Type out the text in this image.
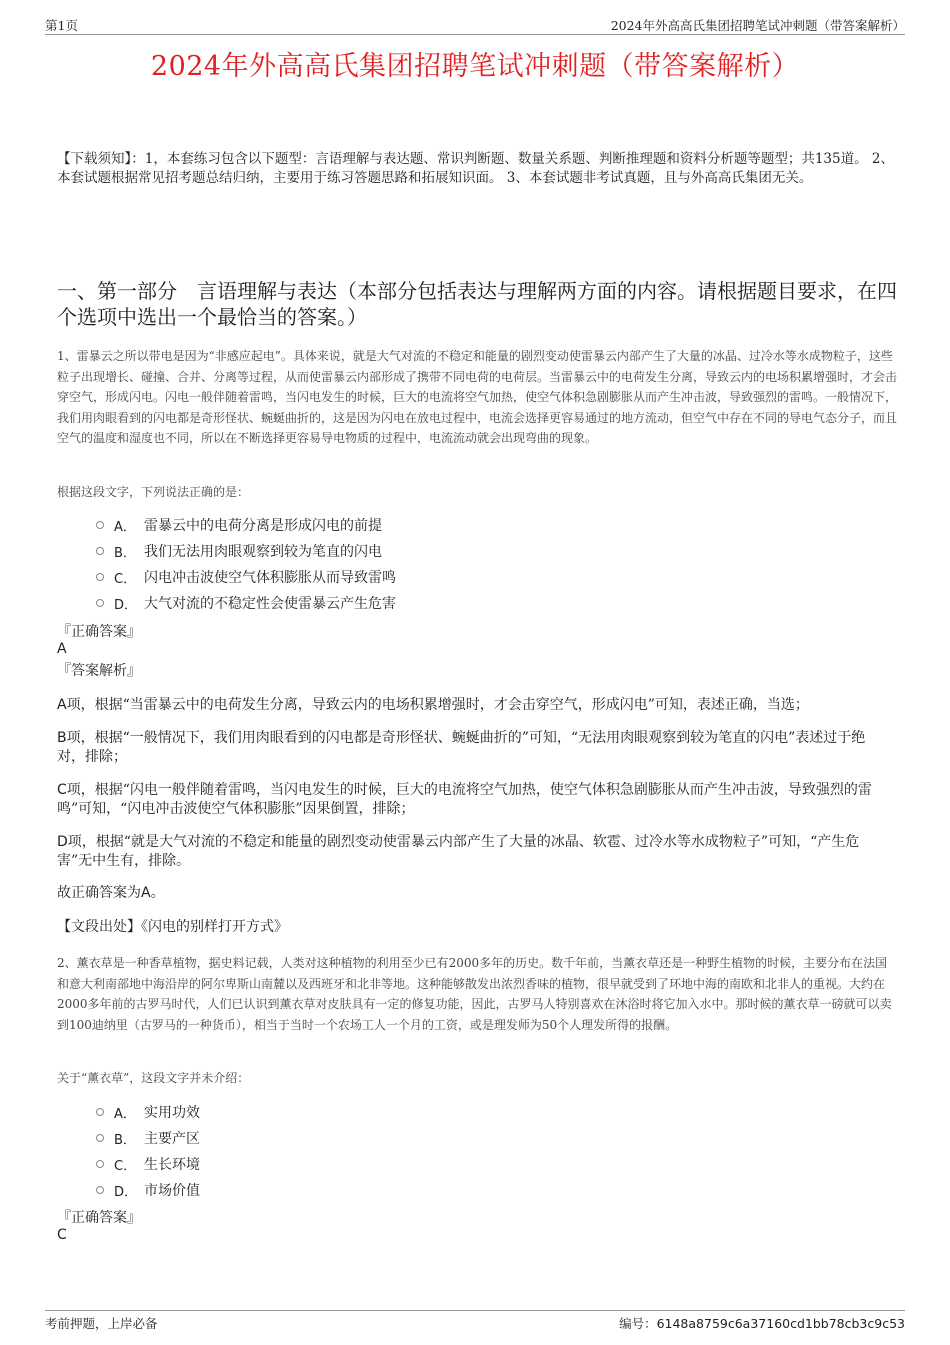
第1页	2024年外高高氏集团招聘笔试冲刺题（带答案解析）
2024年外高高氏集团招聘笔试冲刺题（带答案解析）
【下载须知】：1，本套练习包含以下题型：言语理解与表达题、常识判断题、数量关系题、判断推理题和资料分析题等题型；共135道。 2、本套试题根据常见招考题总结归纳，主要用于练习答题思路和拓展知识面。 3、本套试题非考试真题，且与外高高氏集团无关。
一、第一部分　言语理解与表达（本部分包括表达与理解两方面的内容。请根据题目要求，在四个选项中选出一个最恰当的答案。）
1、雷暴云之所以带电是因为“非感应起电”。具体来说，就是大气对流的不稳定和能量的剧烈变动使雷暴云内部产生了大量的冰晶、过冷水等水成物粒子，这些粒子出现增长、碰撞、合并、分离等过程，从而使雷暴云内部形成了携带不同电荷的电荷层。当雷暴云中的电荷发生分离，导致云内的电场积累增强时，才会击穿空气，形成闪电。闪电一般伴随着雷鸣，当闪电发生的时候，巨大的电流将空气加热，使空气体积急剧膨胀从而产生冲击波，导致强烈的雷鸣。一般情况下，我们用肉眼看到的闪电都是奇形怪状、蜿蜒曲折的，这是因为闪电在放电过程中，电流会选择更容易通过的地方流动，但空气中存在不同的导电气态分子，而且空气的温度和湿度也不同，所以在不断选择更容易导电物质的过程中，电流流动就会出现弯曲的现象。
根据这段文字，下列说法正确的是：
A． 雷暴云中的电荷分离是形成闪电的前提
B． 我们无法用肉眼观察到较为笔直的闪电
C． 闪电冲击波使空气体积膨胀从而导致雷鸣
D． 大气对流的不稳定性会使雷暴云产生危害
『正确答案』
A
『答案解析』
A项，根据“当雷暴云中的电荷发生分离，导致云内的电场积累增强时，才会击穿空气，形成闪电”可知，表述正确，当选；
B项，根据“一般情况下，我们用肉眼看到的闪电都是奇形怪状、蜿蜒曲折的”可知，“无法用肉眼观察到较为笔直的闪电”表述过于绝对，排除；
C项，根据“闪电一般伴随着雷鸣，当闪电发生的时候，巨大的电流将空气加热，使空气体积急剧膨胀从而产生冲击波，导致强烈的雷鸣”可知，“闪电冲击波使空气体积膨胀”因果倒置，排除；
D项，根据“就是大气对流的不稳定和能量的剧烈变动使雷暴云内部产生了大量的冰晶、软雹、过冷水等水成物粒子”可知，“产生危害”无中生有，排除。
故正确答案为A。
【文段出处】《闪电的别样打开方式》
2、薰衣草是一种香草植物，据史料记载，人类对这种植物的利用至少已有2000多年的历史。数千年前，当薰衣草还是一种野生植物的时候，主要分布在法国和意大利南部地中海沿岸的阿尔卑斯山南麓以及西班牙和北非等地。这种能够散发出浓烈香味的植物，很早就受到了环地中海的南欧和北非人的重视。大约在2000多年前的古罗马时代，人们已认识到薰衣草对皮肤具有一定的修复功能，因此，古罗马人特别喜欢在沐浴时将它加入水中。那时候的薰衣草一磅就可以卖到100迪纳里（古罗马的一种货币），相当于当时一个农场工人一个月的工资，或是理发师为50个人理发所得的报酬。
关于“薰衣草”，这段文字并未介绍：
A． 实用功效
B． 主要产区
C． 生长环境
D． 市场价值
『正确答案』
C
考前押题，上岸必备	编号：6148a8759c6a37160cd1bb78cb3c9c53
